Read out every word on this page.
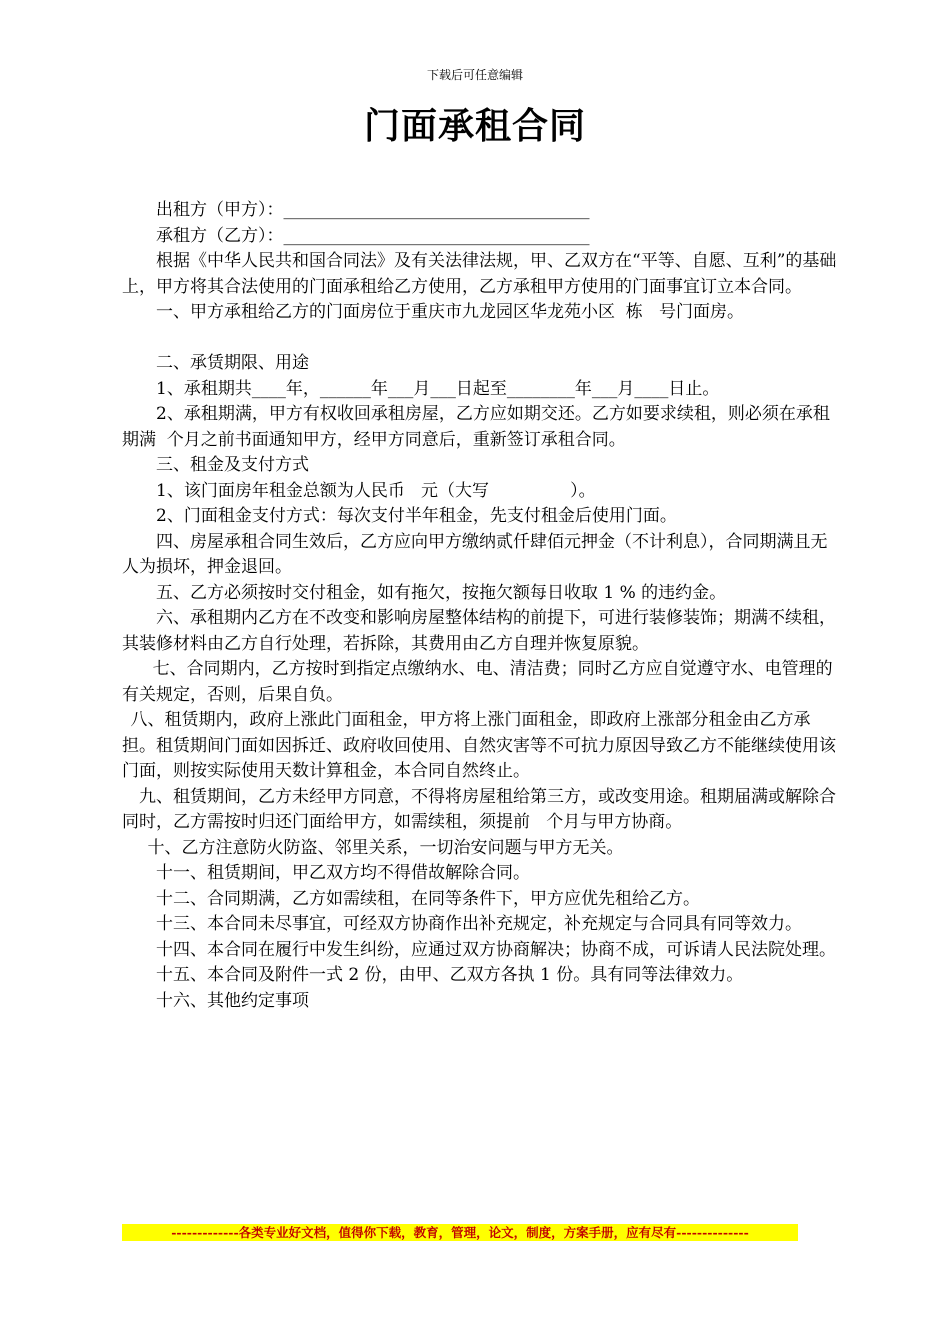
下载后可任意编辑
门面承租合同

出租方（甲方）：____________________________________

承租方（乙方）：____________________________________

根据《中华人民共和国合同法》及有关法律法规，甲、乙双方在“平等、自愿、互利”的基础上，甲方将其合法使用的门面承租给乙方使用，乙方承租甲方使用的门面事宜订立本合同。

一、甲方承租给乙方的门面房位于重庆市九龙园区华龙苑小区  栋   号门面房。

二、承赁期限、用途

1、承租期共____年，______年___月___日起至________年___月____日止。

2、承租期满，甲方有权收回承租房屋，乙方应如期交还。乙方如要求续租，则必须在承租期满  个月之前书面通知甲方，经甲方同意后，重新签订承租合同。

三、租金及支付方式

1、该门面房年租金总额为人民币   元（大写               ）。

2、门面租金支付方式：每次支付半年租金，先支付租金后使用门面。

四、房屋承租合同生效后，乙方应向甲方缴纳贰仟肆佰元押金（不计利息），合同期满且无人为损坏，押金退回。

五、乙方必须按时交付租金，如有拖欠，按拖欠额每日收取 1 % 的违约金。

六、承租期内乙方在不改变和影响房屋整体结构的前提下，可进行装修装饰；期满不续租，其装修材料由乙方自行处理，若拆除，其费用由乙方自理并恢复原貌。

七、合同期内，乙方按时到指定点缴纳水、电、清洁费；同时乙方应自觉遵守水、电管理的有关规定，否则，后果自负。

八、租赁期内，政府上涨此门面租金，甲方将上涨门面租金，即政府上涨部分租金由乙方承担。租赁期间门面如因拆迁、政府收回使用、自然灾害等不可抗力原因导致乙方不能继续使用该门面，则按实际使用天数计算租金，本合同自然终止。

九、租赁期间，乙方未经甲方同意，不得将房屋租给第三方，或改变用途。租期届满或解除合同时，乙方需按时归还门面给甲方，如需续租，须提前   个月与甲方协商。

十、乙方注意防火防盗、邻里关系，一切治安问题与甲方无关。

十一、租赁期间，甲乙双方均不得借故解除合同。

十二、合同期满，乙方如需续租，在同等条件下，甲方应优先租给乙方。

十三、本合同未尽事宜，可经双方协商作出补充规定，补充规定与合同具有同等效力。

十四、本合同在履行中发生纠纷，应通过双方协商解决；协商不成，可诉请人民法院处理。

十五、本合同及附件一式 2 份，由甲、乙双方各执 1 份。具有同等法律效力。

十六、其他约定事项

-------------各类专业好文档，值得你下载，教育，管理，论文，制度，方案手册，应有尽有--------------
